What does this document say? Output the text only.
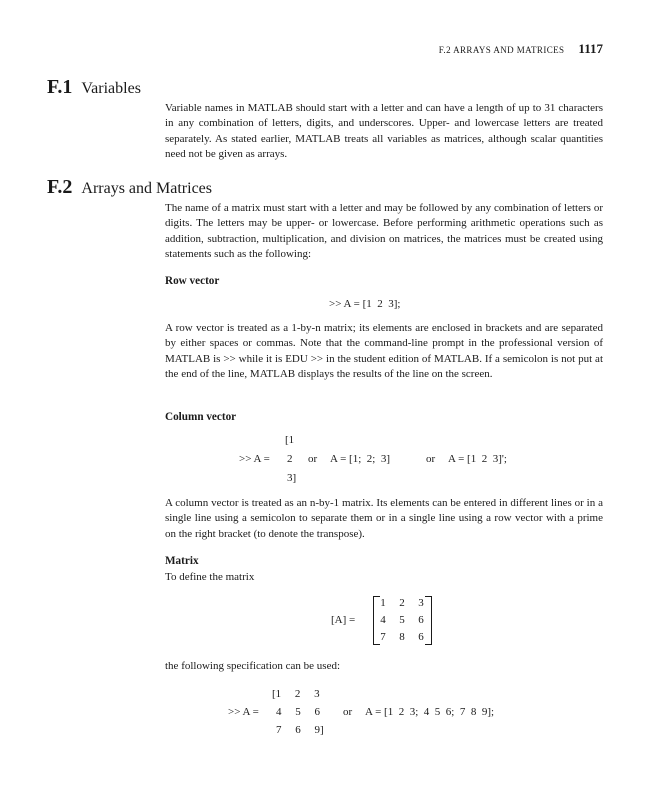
F.2 ARRAYS AND MATRICES 1117
F.1 Variables
Variable names in MATLAB should start with a letter and can have a length of up to 31 characters in any combination of letters, digits, and underscores. Upper- and lowercase letters are treated separately. As stated earlier, MATLAB treats all variables as matrices, although scalar quantities need not be given as arrays.
F.2 Arrays and Matrices
The name of a matrix must start with a letter and may be followed by any combination of letters or digits. The letters may be upper- or lowercase. Before performing arithmetic operations such as addition, subtraction, multiplication, and division on matrices, the matrices must be created using statements such as the following:
Row vector
>> A = [1  2  3];
A row vector is treated as a 1-by-n matrix; its elements are enclosed in brackets and are separated by either spaces or commas. Note that the command-line prompt in the professional version of MATLAB is >> while it is EDU >> in the student edition of MATLAB. If a semicolon is not put at the end of the line, MATLAB displays the results of the line on the screen.
Column vector
[1
>> A = 2 or A = [1;  2;  3]	or A = [1  2  3]';
3]
A column vector is treated as an n-by-1 matrix. Its elements can be entered in different lines or in a single line using a semicolon to separate them or in a single line using a row vector with a prime on the right bracket (to denote the transpose).
Matrix
To define the matrix
[A] =
1	2	3
4	5	6
7	8	6
the following specification can be used:
[1     2     3
>> A = 4     5     6 or A = [1  2  3;  4  5  6;  7  8  9];
7     6     9]
